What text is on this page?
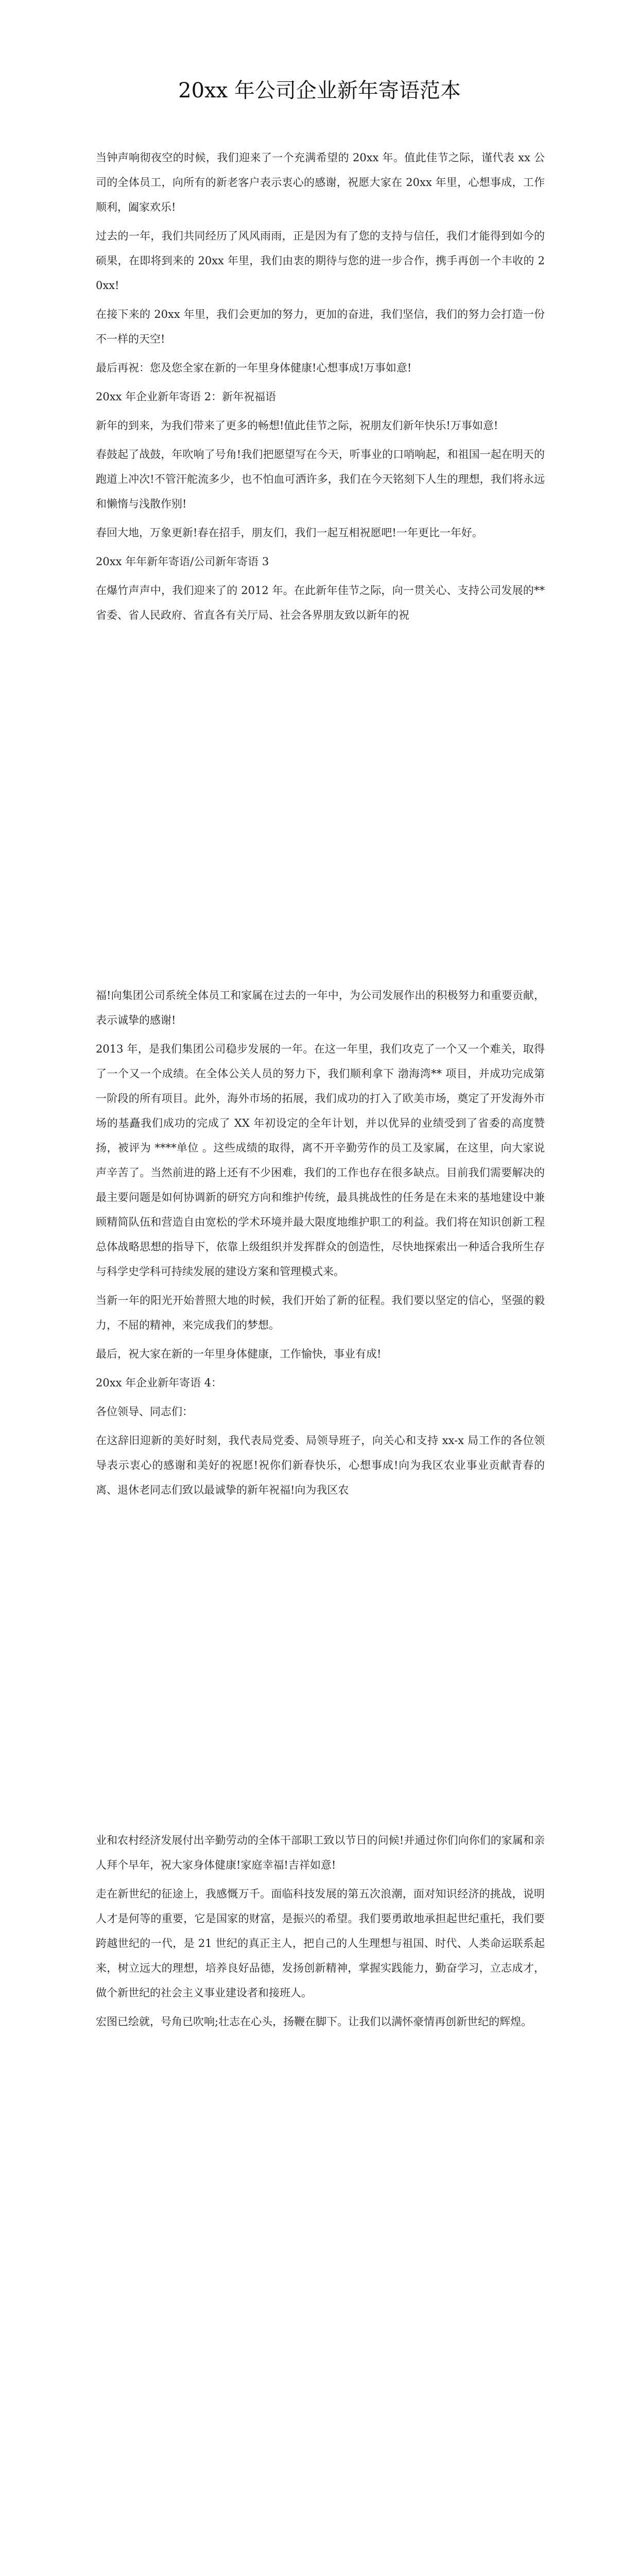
20xx 年公司企业新年寄语范本

当钟声响彻夜空的时候，我们迎来了一个充满希望的 20xx 年。值此佳节之际，谨代表 xx 公司的全体员工，向所有的新老客户表示衷心的感谢，祝愿大家在 20xx 年里，心想事成，工作顺利，阖家欢乐!

过去的一年，我们共同经历了风风雨雨，正是因为有了您的支持与信任，我们才能得到如今的硕果，在即将到来的 20xx 年里，我们由衷的期待与您的进一步合作，携手再创一个丰收的 20xx!

在接下来的 20xx 年里，我们会更加的努力，更加的奋进，我们坚信，我们的努力会打造一份不一样的天空!

最后再祝：您及您全家在新的一年里身体健康!心想事成!万事如意!

20xx 年企业新年寄语 2：新年祝福语

新年的到来，为我们带来了更多的畅想!值此佳节之际，祝朋友们新年快乐!万事如意!

春鼓起了战鼓，年吹响了号角!我们把愿望写在今天，听事业的口哨响起，和祖国一起在明天的跑道上冲次!不管汗舵流多少，也不怕血可洒许多，我们在今天铭刻下人生的理想，我们将永远和懒惰与浅散作别!

春回大地，万象更新!春在招手，朋友们，我们一起互相祝愿吧!一年更比一年好。

20xx 年年新年寄语/公司新年寄语 3

在爆竹声声中，我们迎来了的 2012 年。在此新年佳节之际，向一贯关心、支持公司发展的**省委、省人民政府、省直各有关厅局、社会各界朋友致以新年的祝

福!向集团公司系统全体员工和家属在过去的一年中，为公司发展作出的积极努力和重要贡献，表示诚挚的感谢!

2013 年，是我们集团公司稳步发展的一年。在这一年里，我们攻克了一个又一个难关，取得了一个又一个成绩。在全体公关人员的努力下，我们顺利拿下 渤海湾** 项目，并成功完成第一阶段的所有项目。此外，海外市场的拓展，我们成功的打入了欧美市场，奠定了开发海外市场的基矗我们成功的完成了 XX 年初设定的全年计划，并以优异的业绩受到了省委的高度赞扬，被评为 ****单位 。这些成绩的取得，离不开辛勤劳作的员工及家属，在这里，向大家说声辛苦了。当然前进的路上还有不少困难，我们的工作也存在很多缺点。目前我们需要解决的最主要问题是如何协调新的研究方向和维护传统，最具挑战性的任务是在未来的基地建设中兼顾精简队伍和营造自由宽松的学术环境并最大限度地维护职工的利益。我们将在知识创新工程总体战略思想的指导下，依靠上级组织并发挥群众的创造性，尽快地探索出一种适合我所生存与科学史学科可持续发展的建设方案和管理模式来。

当新一年的阳光开始普照大地的时候，我们开始了新的征程。我们要以坚定的信心，坚强的毅力，不屈的精神，来完成我们的梦想。

最后，祝大家在新的一年里身体健康，工作愉快，事业有成!

20xx 年企业新年寄语 4：

各位领导、同志们：

在这辞旧迎新的美好时刻，我代表局党委、局领导班子，向关心和支持 xx-x 局工作的各位领导表示衷心的感谢和美好的祝愿!祝你们新春快乐，心想事成!向为我区农业事业贡献青春的离、退休老同志们致以最诚挚的新年祝福!向为我区农

业和农村经济发展付出辛勤劳动的全体干部职工致以节日的问候!并通过你们向你们的家属和亲人拜个早年，祝大家身体健康!家庭幸福!吉祥如意!

走在新世纪的征途上，我感慨万千。面临科技发展的第五次浪潮，面对知识经济的挑战，说明人才是何等的重要，它是国家的财富，是振兴的希望。我们要勇敢地承担起世纪重托，我们要跨越世纪的一代，是 21 世纪的真正主人，把自己的人生理想与祖国、时代、人类命运联系起来，树立远大的理想，培养良好品德，发扬创新精神，掌握实践能力，勤奋学习，立志成才，做个新世纪的社会主义事业建设者和接班人。

宏图已绘就，号角已吹响;壮志在心头，扬鞭在脚下。让我们以满怀豪情再创新世纪的辉煌。
